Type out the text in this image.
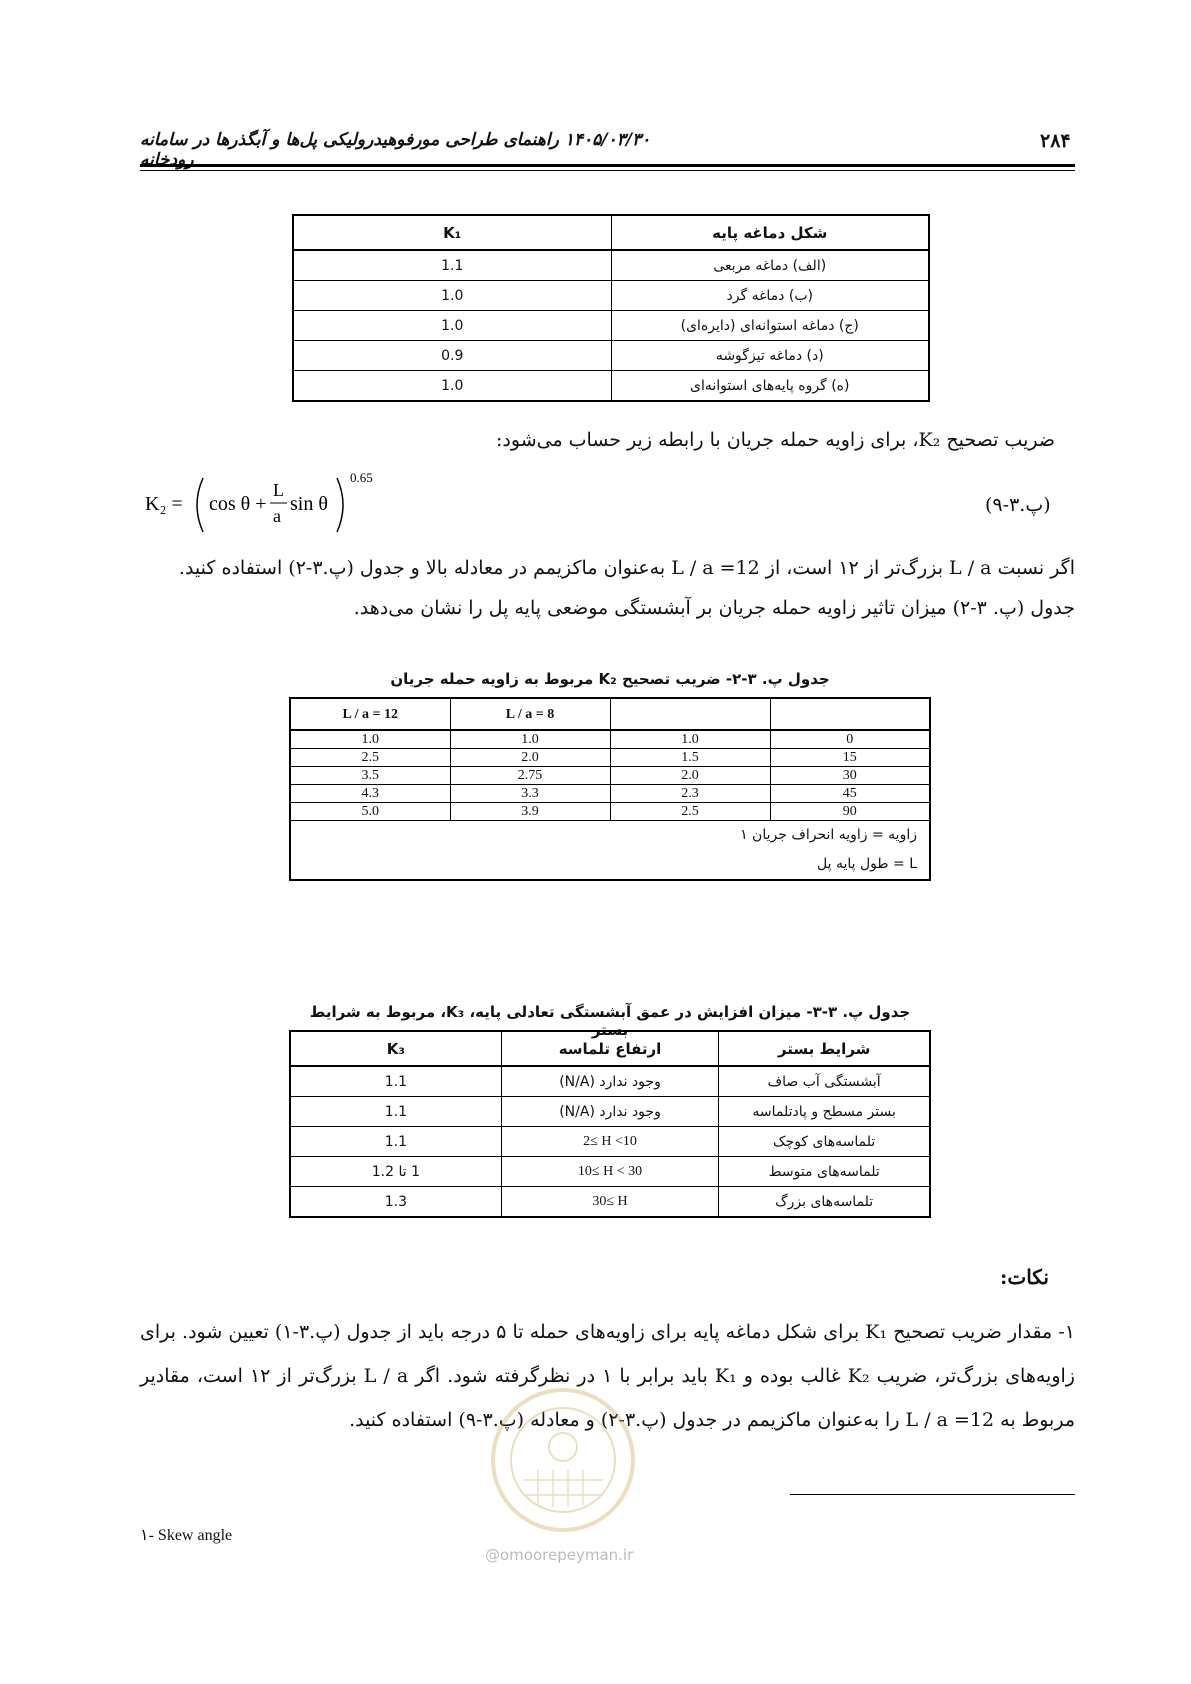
۲۸۴
۱۴۰۵/۰۳/۳۰ راهنمای طراحی مورفوهیدرولیکی پل‌ها و آبگذرها در سامانه رودخانه
شکل دماغه پایه	K₁
(الف) دماغه مربعی	1.1
(ب) دماغه گرد	1.0
(ج) دماغه استوانه‌ای (دایره‌ای)	1.0
(د) دماغه تیزگوشه	0.9
(ه) گروه پایه‌های استوانه‌ای	1.0
ضریب تصحیح K₂، برای زاویه حمله جریان با رابطه زیر حساب می‌شود:
K₂ = cos θ +
L
a
sin θ
0.65
(پ.۳-۹)
اگر نسبت L / a بزرگ‌تر از ۱۲ است، از L / a =12 به‌عنوان ماکزیمم در معادله بالا و جدول (پ.۳-۲) استفاده کنید. جدول (پ. ۳-۲) میزان تاثیر زاویه حمله جریان بر آبشستگی موضعی پایه پل را نشان می‌دهد.
جدول پ. ۳-۲- ضریب تصحیح K₂ مربوط به زاویه حمله جریان
		L / a = 8	L / a = 12
0	1.0	1.0	1.0
15	1.5	2.0	2.5
30	2.0	2.75	3.5
45	2.3	3.3	4.3
90	2.5	3.9	5.0
زاویه = زاویه انحراف جریان ۱			
L = طول پایه پل			
جدول پ. ۳-۳- میزان افزایش در عمق آبشستگی تعادلی پایه، K₃، مربوط به شرایط بستر
شرایط بستر	ارتفاع تلماسه	K₃
آبشستگی آب صاف	وجود ندارد (N/A)	1.1
بستر مسطح و پادتلماسه	وجود ندارد (N/A)	1.1
تلماسه‌های کوچک	2≤ H <10	1.1
تلماسه‌های متوسط	10≤ H < 30	1 تا 1.2
تلماسه‌های بزرگ	30≤ H	1.3
نکات:
۱- مقدار ضریب تصحیح K₁ برای شکل دماغه پایه برای زاویه‌های حمله تا ۵ درجه باید از جدول (پ.۳-۱) تعیین شود. برای زاویه‌های بزرگ‌تر، ضریب K₂ غالب بوده و K₁ باید برابر با ۱ در نظرگرفته شود. اگر L / a بزرگ‌تر از ۱۲ است، مقادیر مربوط به L / a =12 را به‌عنوان ماکزیمم در جدول (پ.۳-۲) و معادله (پ.۳-۹) استفاده کنید.
@omoorepeyman.ir
۱- Skew angle
